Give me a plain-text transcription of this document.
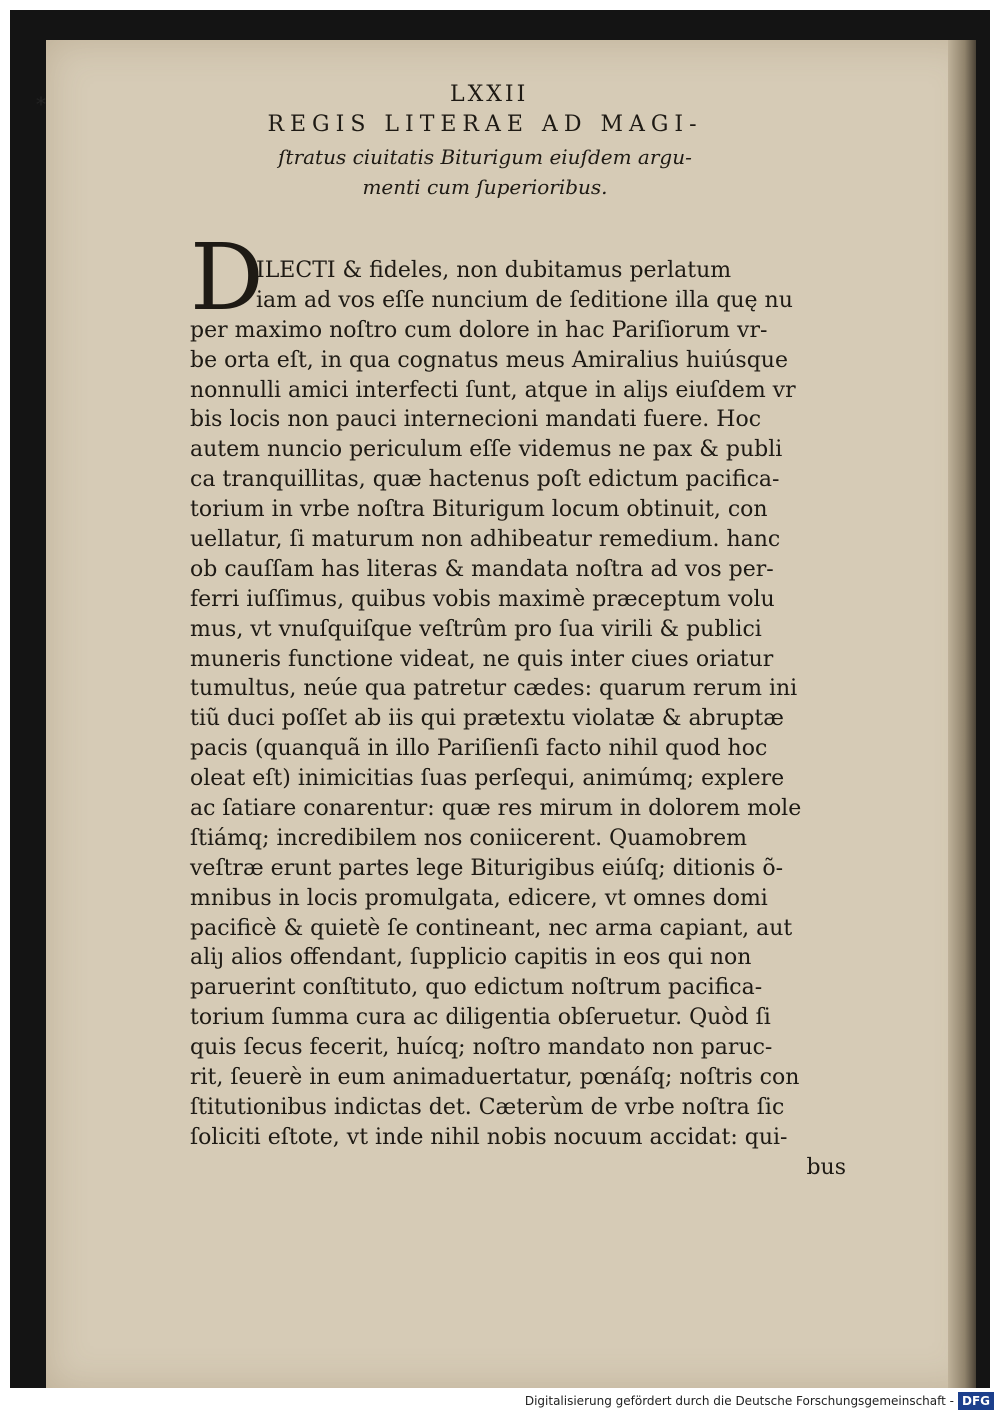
*	LXXII
REGIS LITERAE AD MAGI-
ſtratus ciuitatis Biturigum eiuſdem argu-
menti cum ſuperioribus.
D
ILECTI & fideles, non dubitamus perlatum
iam ad vos eſſe nuncium de ſeditione illa quę nu
per maximo noſtro cum dolore in hac Pariſiorum vr-
be orta eſt, in qua cognatus meus Amiralius huiúsque
nonnulli amici interfecti ſunt, atque in aliȷs eiuſdem vr
bis locis non pauci internecioni mandati fuere. Hoc
autem nuncio periculum eſſe videmus ne pax & publi
ca tranquillitas, quæ hactenus poſt edictum pacifica-
torium in vrbe noſtra Biturigum locum obtinuit, con
uellatur, ſi maturum non adhibeatur remedium. hanc
ob cauſſam has literas & mandata noſtra ad vos per-
ferri iuſſimus, quibus vobis maximè præceptum volu
mus, vt vnuſquiſque veſtrûm pro ſua virili & publici
muneris functione videat, ne quis inter ciues oriatur
tumultus, neúe qua patretur cædes: quarum rerum ini
tiũ duci poſſet ab iis qui prætextu violatæ & abruptæ
pacis (quanquã in illo Pariſienſi facto nihil quod hoc
oleat eſt) inimicitias ſuas perſequi, animúmq; explere
ac ſatiare conarentur: quæ res mirum in dolorem mole
ſtiámq; incredibilem nos coniicerent. Quamobrem
veſtræ erunt partes lege Biturigibus eiúſq; ditionis õ-
mnibus in locis promulgata, edicere, vt omnes domi
pacificè & quietè ſe contineant, nec arma capiant, aut
aliȷ alios offendant, ſupplicio capitis in eos qui non
paruerint conſtituto, quo edictum noſtrum pacifica-
torium ſumma cura ac diligentia obſeruetur. Quòd ſi
quis ſecus fecerit, huícq; noſtro mandato non paruc-
rit, ſeuerè in eum animaduertatur, pœnáſq; noſtris con
ſtitutionibus indictas det. Cæterùm de vrbe noſtra ſic
ſoliciti eſtote, vt inde nihil nobis nocuum accidat: qui-
bus
Digitalisierung gefördert durch die Deutsche Forschungsgemeinschaft - DFG
